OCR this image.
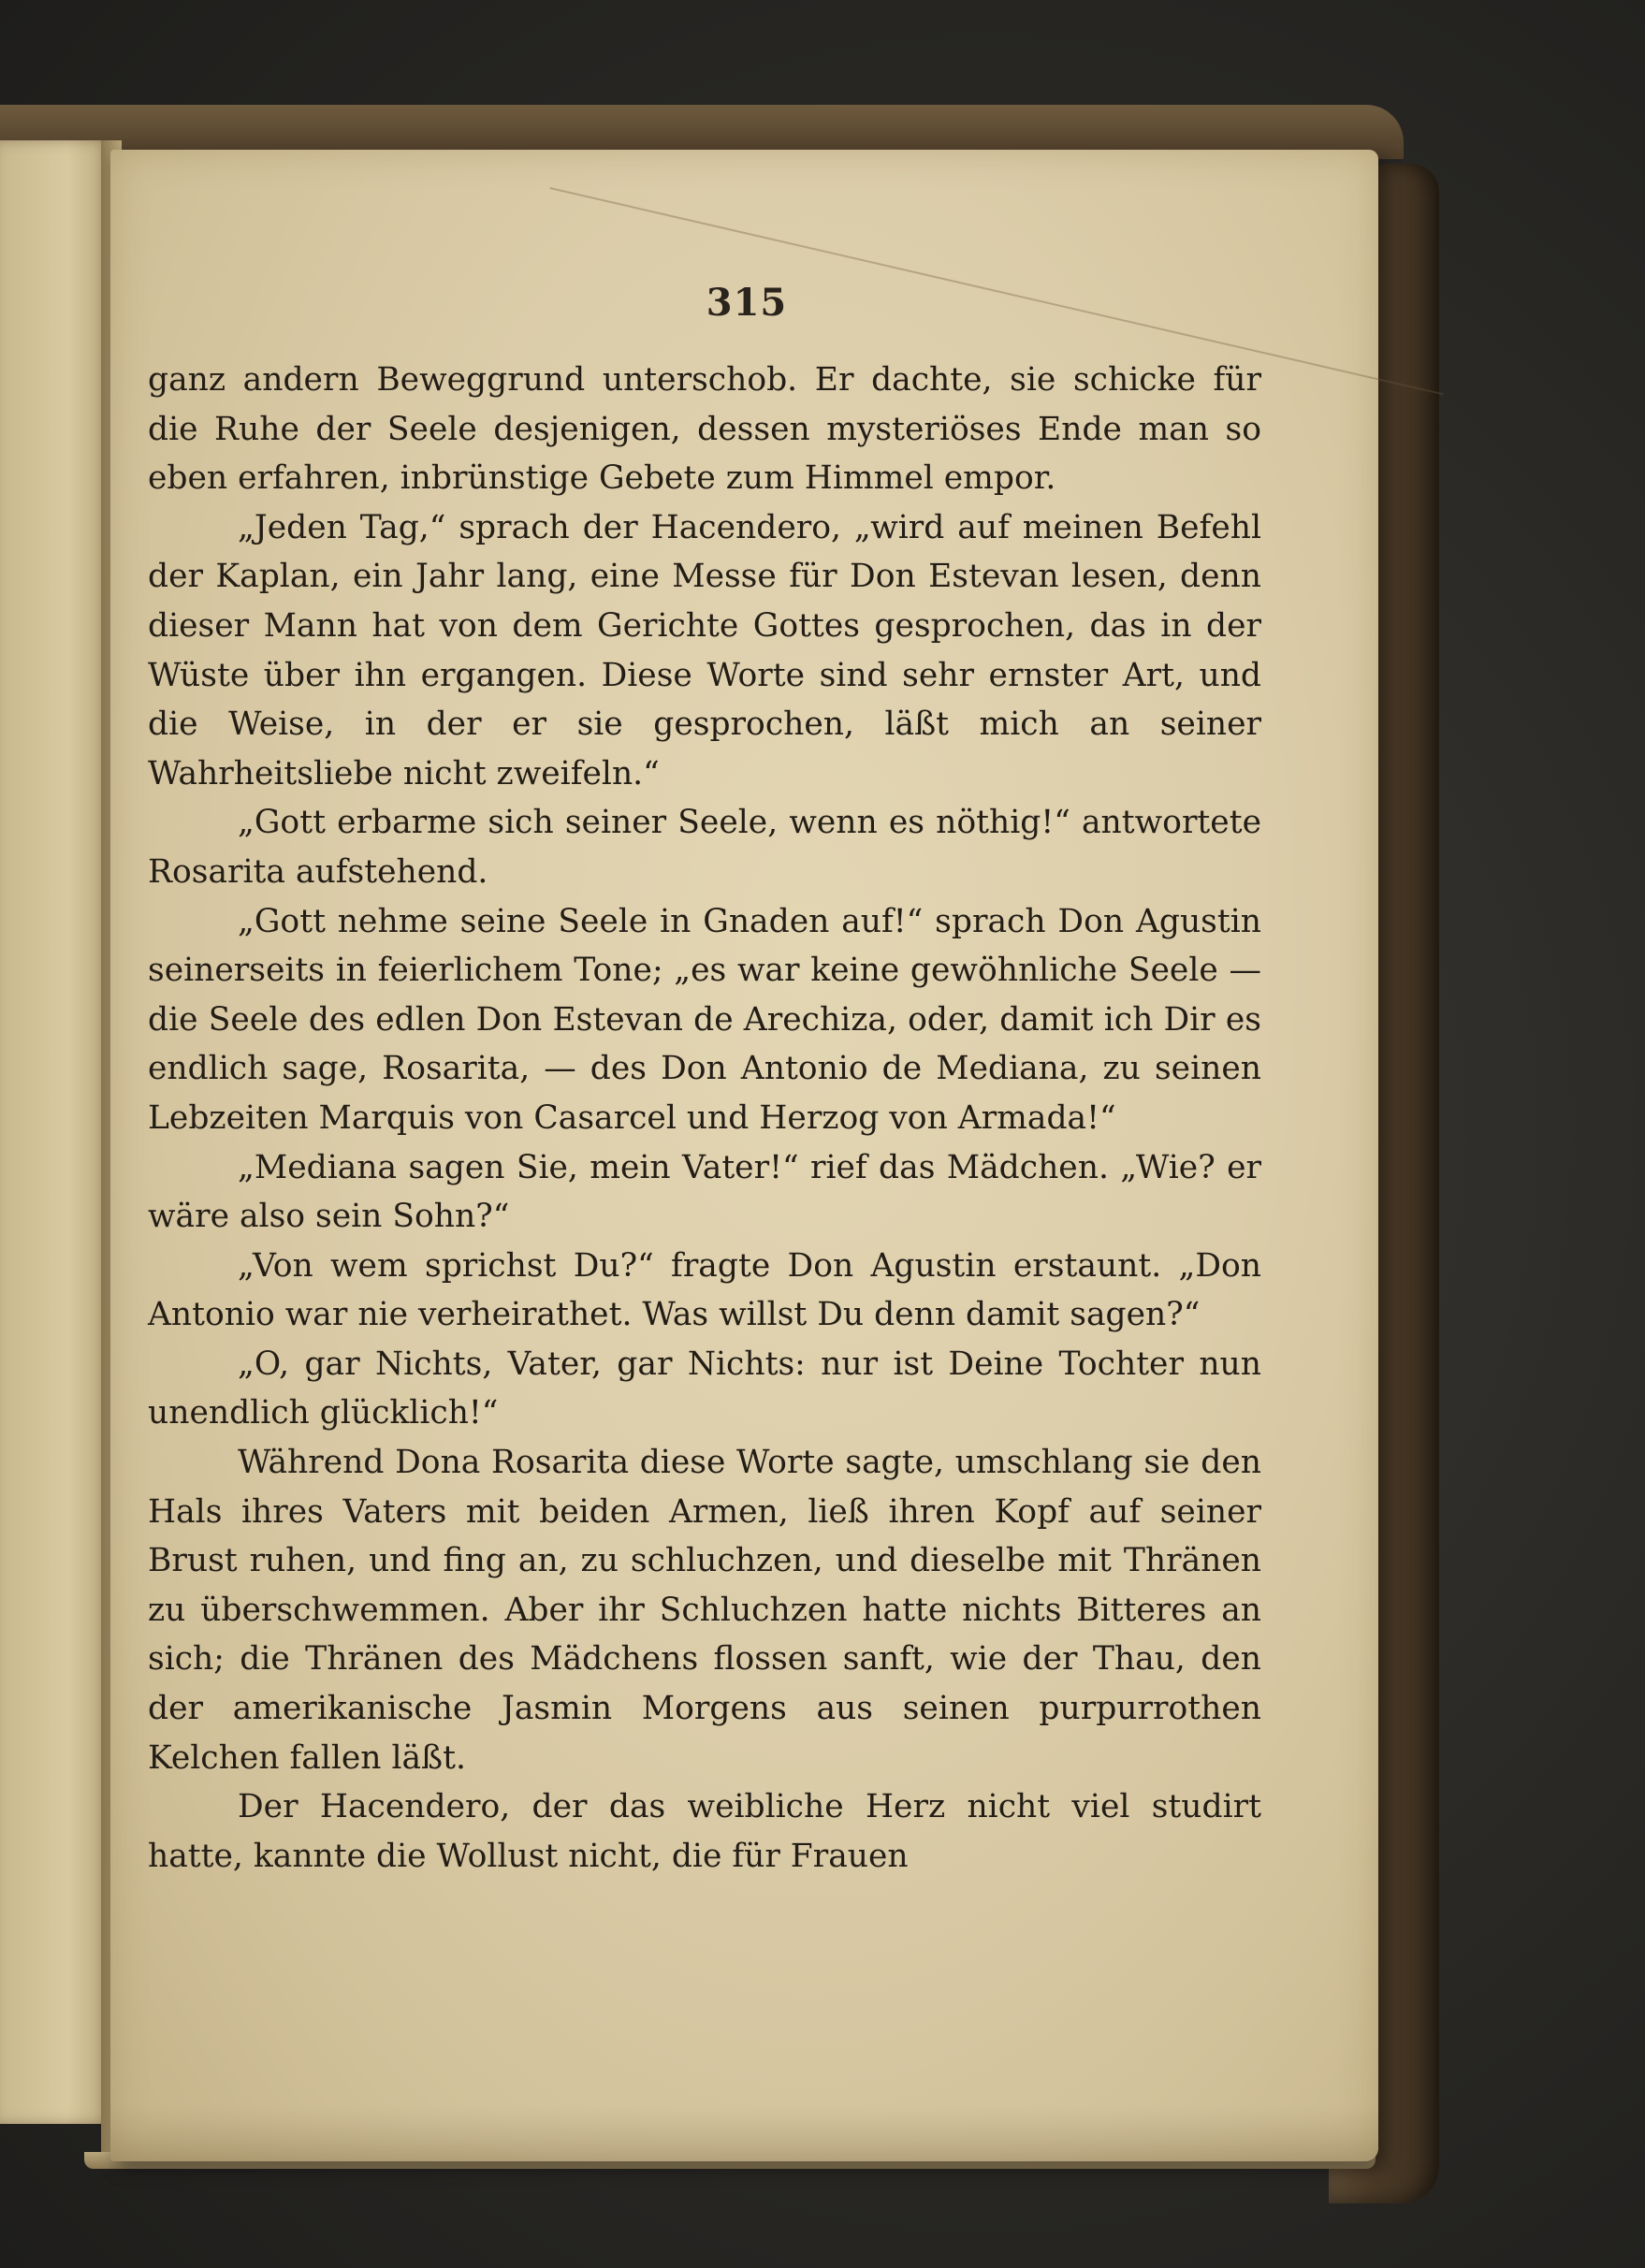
315

ganz andern Beweggrund unterschob. Er dachte, sie schicke für die Ruhe der Seele desjenigen, dessen mysteriöses Ende man so eben erfahren, inbrünstige Gebete zum Himmel empor.

„Jeden Tag,“ sprach der Hacendero, „wird auf meinen Befehl der Kaplan, ein Jahr lang, eine Messe für Don Estevan lesen, denn dieser Mann hat von dem Gerichte Gottes gesprochen, das in der Wüste über ihn ergangen. Diese Worte sind sehr ernster Art, und die Weise, in der er sie gesprochen, läßt mich an seiner Wahrheitsliebe nicht zweifeln.“

„Gott erbarme sich seiner Seele, wenn es nöthig!“ antwortete Rosarita aufstehend.

„Gott nehme seine Seele in Gnaden auf!“ sprach Don Agustin seinerseits in feierlichem Tone; „es war keine gewöhnliche Seele — die Seele des edlen Don Estevan de Arechiza, oder, damit ich Dir es endlich sage, Rosarita, — des Don Antonio de Mediana, zu seinen Lebzeiten Marquis von Casarcel und Herzog von Armada!“

„Mediana sagen Sie, mein Vater!“ rief das Mädchen. „Wie? er wäre also sein Sohn?“

„Von wem sprichst Du?“ fragte Don Agustin erstaunt. „Don Antonio war nie verheirathet. Was willst Du denn damit sagen?“

„O, gar Nichts, Vater, gar Nichts: nur ist Deine Tochter nun unendlich glücklich!“

Während Dona Rosarita diese Worte sagte, umschlang sie den Hals ihres Vaters mit beiden Armen, ließ ihren Kopf auf seiner Brust ruhen, und fing an, zu schluchzen, und dieselbe mit Thränen zu überschwemmen. Aber ihr Schluchzen hatte nichts Bitteres an sich; die Thränen des Mädchens flossen sanft, wie der Thau, den der amerikanische Jasmin Morgens aus seinen purpurrothen Kelchen fallen läßt.

Der Hacendero, der das weibliche Herz nicht viel studirt hatte, kannte die Wollust nicht, die für Frauen
